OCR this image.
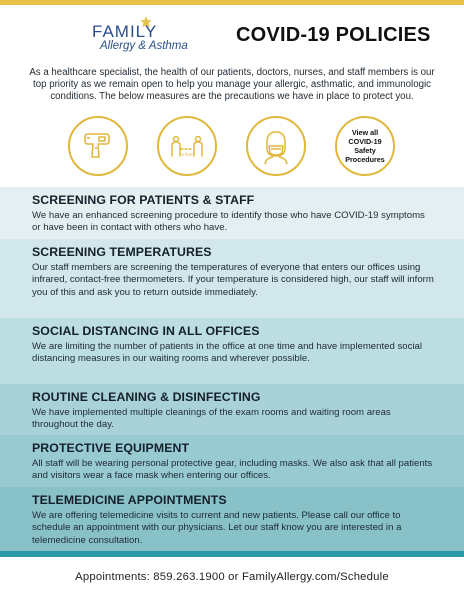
FAMILY
Allergy & Asthma COVID-19 POLICIES
As a healthcare specialist, the health of our patients, doctors, nurses, and staff members is our top priority as we remain open to help you manage your allergic, asthmatic, and immunologic conditions. The below measures are the precautions we have in place to protect you.
6 feet
View all COVID-19 Safety Procedures
SCREENING FOR PATIENTS & STAFF

We have an enhanced screening procedure to identify those who have COVID-19 symptoms or have been in contact with others who have.

SCREENING TEMPERATURES

Our staff members are screening the temperatures of everyone that enters our offices using infrared, contact-free thermometers. If your temperature is considered high, our staff will inform you of this and ask you to return outside immediately.

SOCIAL DISTANCING IN ALL OFFICES

We are limiting the number of patients in the office at one time and have implemented social distancing measures in our waiting rooms and wherever possible.

ROUTINE CLEANING & DISINFECTING

We have implemented multiple cleanings of the exam rooms and waiting room areas throughout the day.

PROTECTIVE EQUIPMENT

All staff will be wearing personal protective gear, including masks. We also ask that all patients and visitors wear a face mask when entering our offices.

TELEMEDICINE APPOINTMENTS

We are offering telemedicine visits to current and new patients. Please call our office to schedule an appointment with our physicians. Let our staff know you are interested in a telemedicine consultation.

Appointments: 859.263.1900 or FamilyAllergy.com/Schedule
